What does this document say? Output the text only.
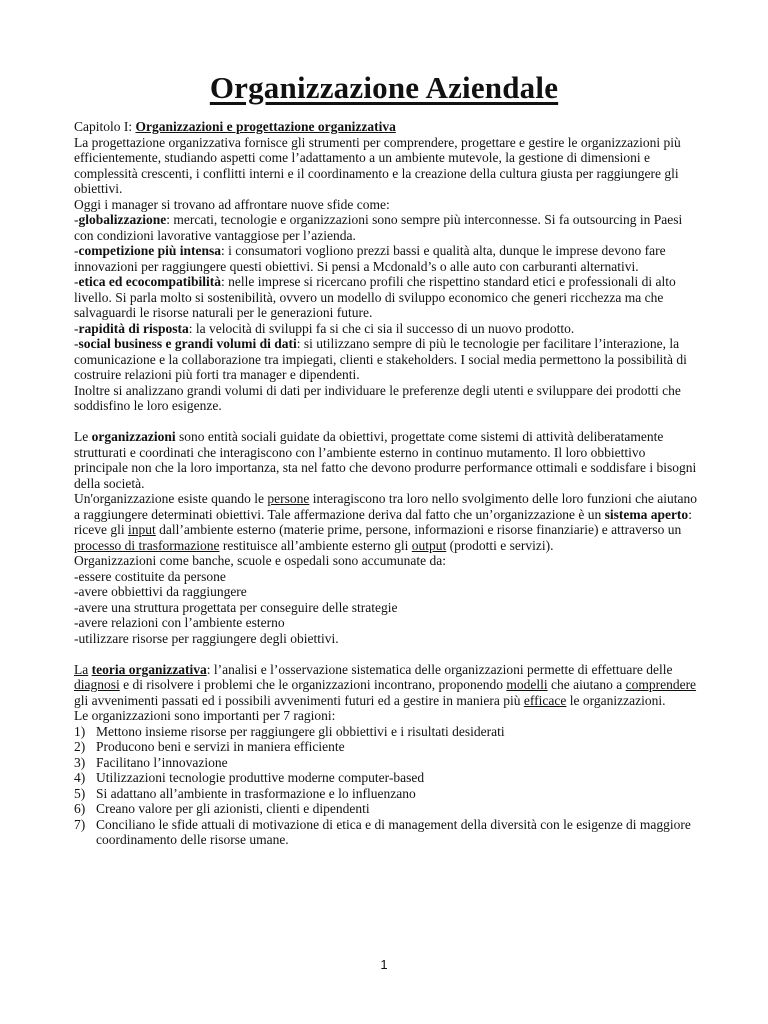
Organizzazione Aziendale

Capitolo I: Organizzazioni e progettazione organizzativa

La progettazione organizzativa fornisce gli strumenti per comprendere, progettare e gestire le organizzazioni più efficientemente, studiando aspetti come l’adattamento a un ambiente mutevole, la gestione di dimensioni e complessità crescenti, i conflitti interni e il coordinamento e la creazione della cultura giusta per raggiungere gli obiettivi.

Oggi i manager si trovano ad affrontare nuove sfide come:

-globalizzazione: mercati, tecnologie e organizzazioni sono sempre più interconnesse. Si fa outsourcing in Paesi con condizioni lavorative vantaggiose per l’azienda.

-competizione più intensa: i consumatori vogliono prezzi bassi e qualità alta, dunque le imprese devono fare innovazioni per raggiungere questi obiettivi. Si pensi a Mcdonald’s o alle auto con carburanti alternativi.

-etica ed ecocompatibilità: nelle imprese si ricercano profili che rispettino standard etici e professionali di alto livello. Si parla molto si sostenibilità, ovvero un modello di sviluppo economico che generi ricchezza ma che salvaguardi le risorse naturali per le generazioni future.

-rapidità di risposta: la velocità di sviluppi fa si che ci sia il successo di un nuovo prodotto.

-social business e grandi volumi di dati: si utilizzano sempre di più le tecnologie per facilitare l’interazione, la comunicazione e la collaborazione tra impiegati, clienti e stakeholders. I social media permettono la possibilità di costruire relazioni più forti tra manager e dipendenti.

Inoltre si analizzano grandi volumi di dati per individuare le preferenze degli utenti e sviluppare dei prodotti che soddisfino le loro esigenze.

Le organizzazioni sono entità sociali guidate da obiettivi, progettate come sistemi di attività deliberatamente strutturati e coordinati che interagiscono con l’ambiente esterno in continuo mutamento. Il loro obbiettivo principale non che la loro importanza, sta nel fatto che devono produrre performance ottimali e soddisfare i bisogni della società.

Un'organizzazione esiste quando le persone interagiscono tra loro nello svolgimento delle loro funzioni che aiutano a raggiungere determinati obiettivi. Tale affermazione deriva dal fatto che un’organizzazione è un sistema aperto: riceve gli input dall’ambiente esterno (materie prime, persone, informazioni e risorse finanziarie) e attraverso un processo di trasformazione restituisce all’ambiente esterno gli output (prodotti e servizi).

Organizzazioni come banche, scuole e ospedali sono accumunate da:

-essere costituite da persone

-avere obbiettivi da raggiungere

-avere una struttura progettata per conseguire delle strategie

-avere relazioni con l’ambiente esterno

-utilizzare risorse per raggiungere degli obiettivi.

La teoria organizzativa: l’analisi e l’osservazione sistematica delle organizzazioni permette di effettuare delle diagnosi e di risolvere i problemi che le organizzazioni incontrano, proponendo modelli che aiutano a comprendere gli avvenimenti passati ed i possibili avvenimenti futuri ed a gestire in maniera più efficace le organizzazioni.

Le organizzazioni sono importanti per 7 ragioni:

1) Mettono insieme risorse per raggiungere gli obbiettivi e i risultati desiderati
2) Producono beni e servizi in maniera efficiente
3) Facilitano l’innovazione
4) Utilizzazioni tecnologie produttive moderne computer-based
5) Si adattano all’ambiente in trasformazione e lo influenzano
6) Creano valore per gli azionisti, clienti e dipendenti
7) Conciliano le sfide attuali di motivazione di etica e di management della diversità con le esigenze di maggiore coordinamento delle risorse umane.
1
